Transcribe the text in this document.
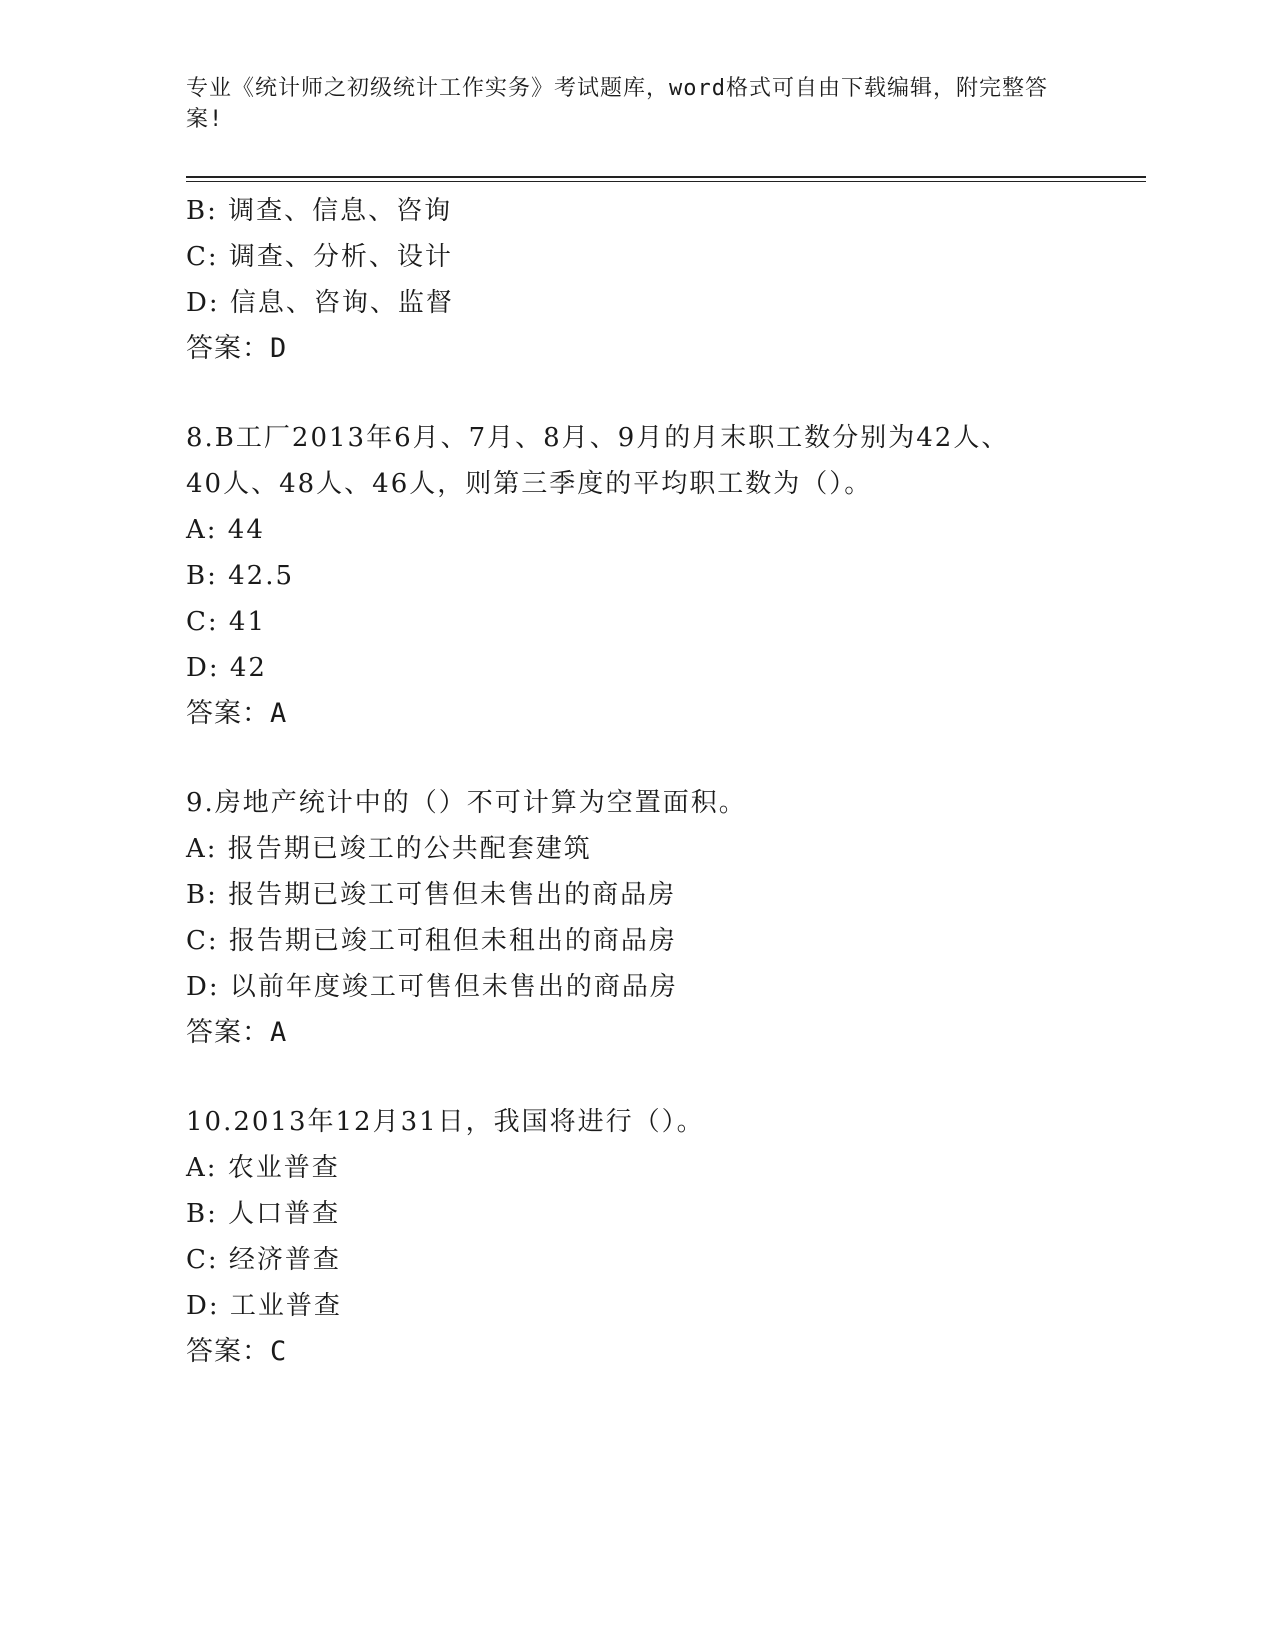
专业《统计师之初级统计工作实务》考试题库，word格式可自由下载编辑，附完整答案!
B: 调查、信息、咨询
C: 调查、分析、设计
D: 信息、咨询、监督
答案：D
8.B工厂2013年6月、7月、8月、9月的月末职工数分别为42人、
40人、48人、46人，则第三季度的平均职工数为（）。
A: 44
B: 42.5
C: 41
D: 42
答案：A
9.房地产统计中的（）不可计算为空置面积。
A: 报告期已竣工的公共配套建筑
B: 报告期已竣工可售但未售出的商品房
C: 报告期已竣工可租但未租出的商品房
D: 以前年度竣工可售但未售出的商品房
答案：A
10.2013年12月31日，我国将进行（）。
A: 农业普查
B: 人口普查
C: 经济普查
D: 工业普查
答案：C
